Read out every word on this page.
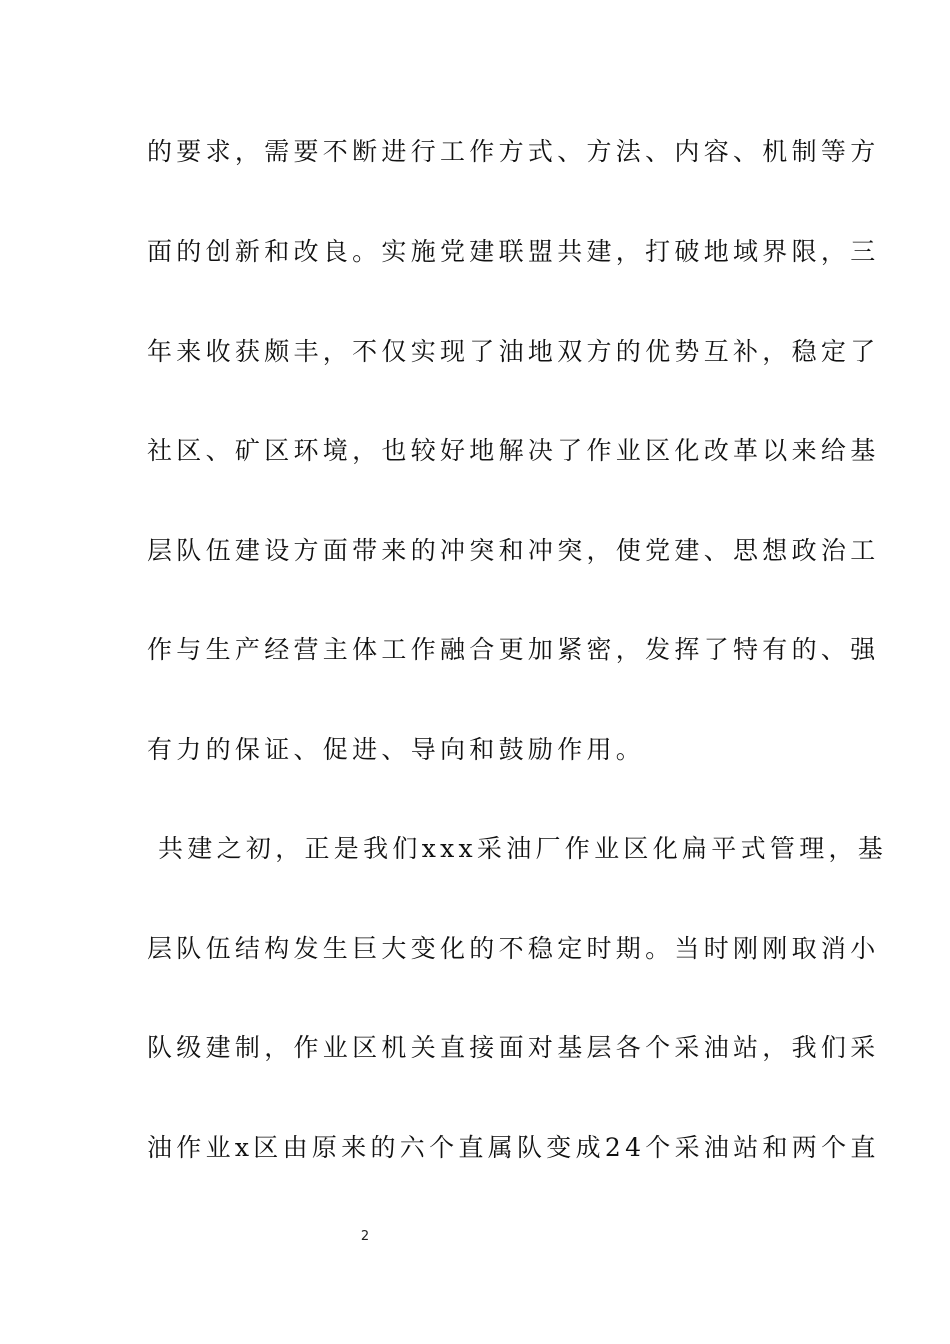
的要求，需要不断进行工作方式、方法、内容、机制等方
面的创新和改良。实施党建联盟共建，打破地域界限，三
年来收获颇丰，不仅实现了油地双方的优势互补，稳定了
社区、矿区环境，也较好地解决了作业区化改革以来给基
层队伍建设方面带来的冲突和冲突，使党建、思想政治工
作与生产经营主体工作融合更加紧密，发挥了特有的、强
有力的保证、促进、导向和鼓励作用。
共建之初，正是我们xxx采油厂作业区化扁平式管理，基
层队伍结构发生巨大变化的不稳定时期。当时刚刚取消小
队级建制，作业区机关直接面对基层各个采油站，我们采
油作业x区由原来的六个直属队变成24个采油站和两个直
2
